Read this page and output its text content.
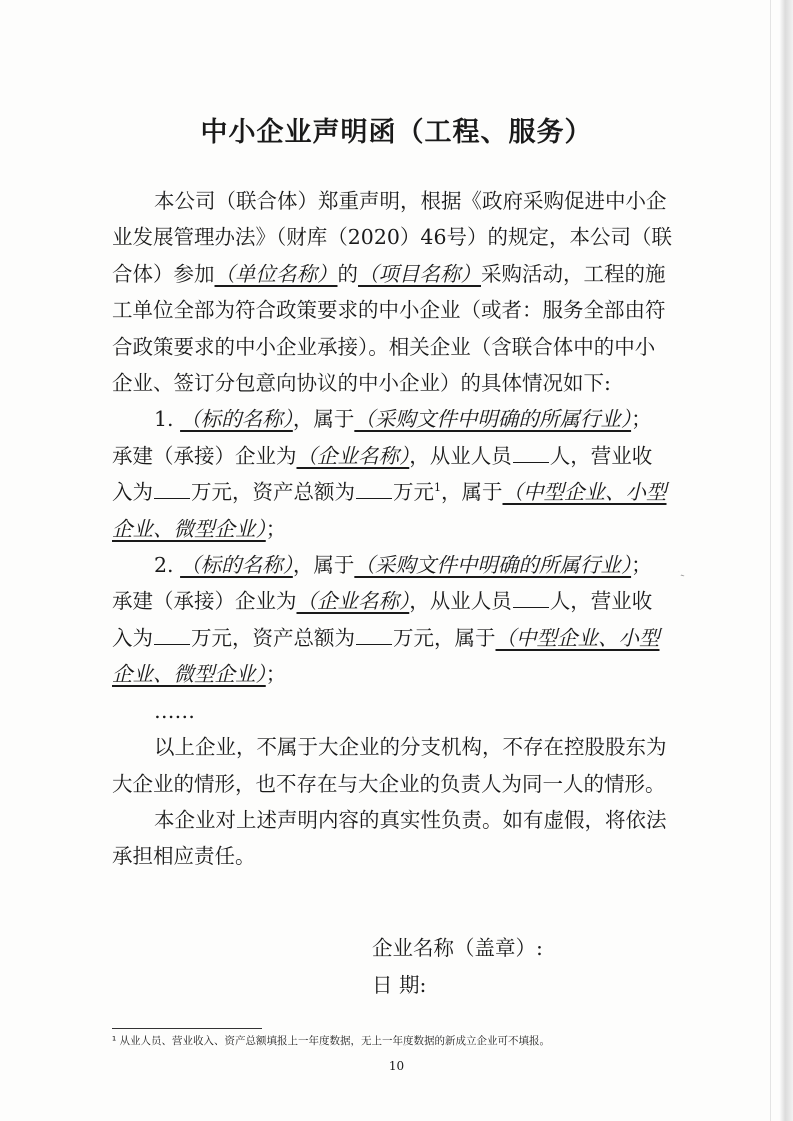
中小企业声明函（工程、服务）

本公司（联合体）郑重声明，根据《政府采购促进中小企业发展管理办法》（财库（2020）46号）的规定，本公司（联合体）参加（单位名称）的（项目名称）采购活动，工程的施工单位全部为符合政策要求的中小企业（或者：服务全部由符合政策要求的中小企业承接）。相关企业（含联合体中的中小企业、签订分包意向协议的中小企业）的具体情况如下:

1. （标的名称），属于（采购文件中明确的所属行业）；承建（承接）企业为（企业名称），从业人员 人，营业收入为 万元，资产总额为 万元$^1$，属于（中型企业、小型企业、微型企业）；

2. （标的名称），属于（采购文件中明确的所属行业）；承建（承接）企业为（企业名称），从业人员 人，营业收入为 万元，资产总额为 万元，属于（中型企业、小型企业、微型企业）；

……

以上企业，不属于大企业的分支机构，不存在控股股东为大企业的情形，也不存在与大企业的负责人为同一人的情形。

本企业对上述声明内容的真实性负责。如有虚假，将依法承担相应责任。

企业名称（盖章）:
日 期:
ˋ
¹ 从业人员、营业收入、资产总额填报上一年度数据，无上一年度数据的新成立企业可不填报。
10
